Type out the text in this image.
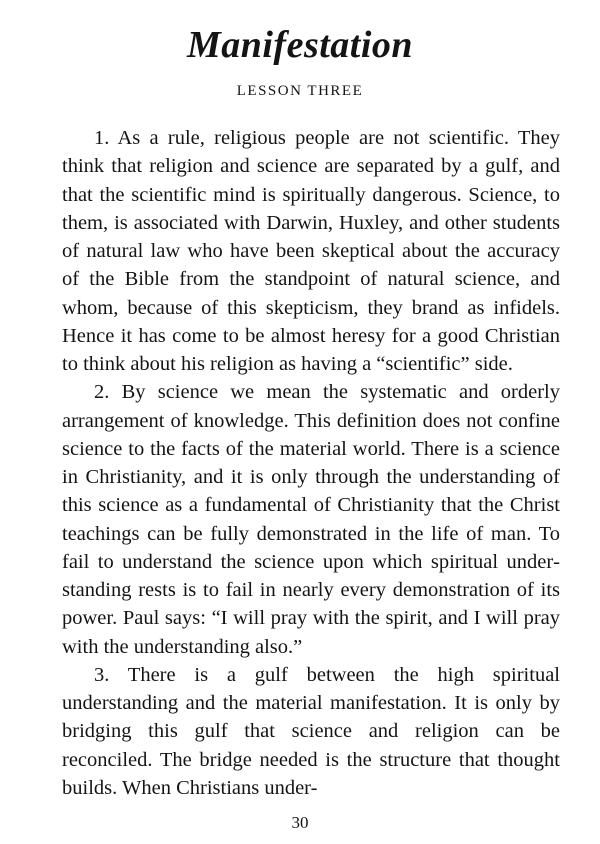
Manifestation
LESSON THREE

1. As a rule, religious people are not scientific. They think that religion and science are separated by a gulf, and that the scientific mind is spiritually dangerous. Science, to them, is associated with Darwin, Huxley, and other students of natural law who have been skeptical about the accuracy of the Bible from the standpoint of natural science, and whom, because of this skepticism, they brand as infidels. Hence it has come to be almost heresy for a good Christian to think about his religion as having a “scientific” side.

2. By science we mean the systematic and orderly arrangement of knowledge. This definition does not confine science to the facts of the material world. There is a science in Christianity, and it is only through the understanding of this science as a fundamental of Christianity that the Christ teachings can be fully demonstrated in the life of man. To fail to understand the science upon which spiritual understanding rests is to fail in nearly every demonstration of its power. Paul says: “I will pray with the spirit, and I will pray with the understanding also.”

3. There is a gulf between the high spiritual understanding and the material manifestation. It is only by bridging this gulf that science and religion can be reconciled. The bridge needed is the structure that thought builds. When Christians under-

30
